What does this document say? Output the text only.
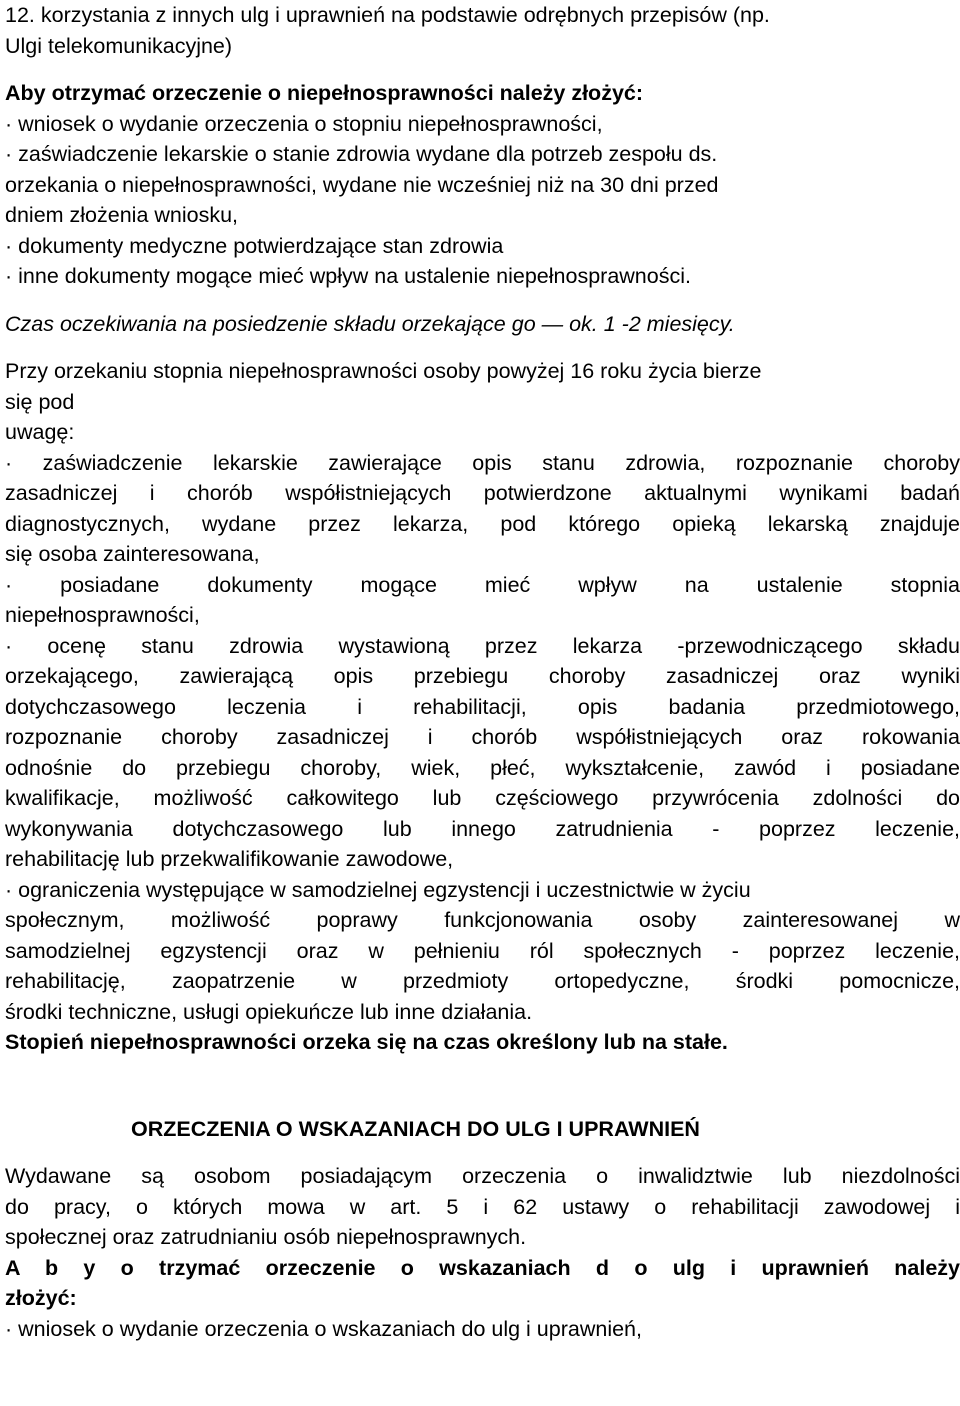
12. korzystania z innych ulg i uprawnień na podstawie odrębnych przepisów (np.
Ulgi telekomunikacyjne)
Aby otrzymać orzeczenie o niepełnosprawności należy złożyć:
· wniosek o wydanie orzeczenia o stopniu niepełnosprawności,
· zaświadczenie lekarskie o stanie zdrowia wydane dla potrzeb zespołu ds.
orzekania o niepełnosprawności, wydane nie wcześniej niż na 30 dni przed
dniem złożenia wniosku,
· dokumenty medyczne potwierdzające stan zdrowia
· inne dokumenty mogące mieć wpływ na ustalenie niepełnosprawności.
Czas oczekiwania na posiedzenie składu orzekające go — ok. 1 -2 miesięcy.
Przy orzekaniu stopnia niepełnosprawności osoby powyżej 16 roku życia bierze
się pod
uwagę:
· zaświadczenie lekarskie zawierające opis stanu zdrowia, rozpoznanie choroby
zasadniczej i chorób współistniejących potwierdzone aktualnymi wynikami badań
diagnostycznych, wydane przez lekarza, pod którego opieką lekarską znajduje
się osoba zainteresowana,
· posiadane dokumenty mogące mieć wpływ na ustalenie stopnia
niepełnosprawności,
· ocenę stanu zdrowia wystawioną przez lekarza -przewodniczącego składu
orzekającego, zawierającą opis przebiegu choroby zasadniczej oraz wyniki
dotychczasowego leczenia i rehabilitacji, opis badania przedmiotowego,
rozpoznanie choroby zasadniczej i chorób współistniejących oraz rokowania
odnośnie do przebiegu choroby, wiek, płeć, wykształcenie, zawód i posiadane
kwalifikacje, możliwość całkowitego lub częściowego przywrócenia zdolności do
wykonywania dotychczasowego lub innego zatrudnienia - poprzez leczenie,
rehabilitację lub przekwalifikowanie zawodowe,
· ograniczenia występujące w samodzielnej egzystencji i uczestnictwie w życiu
społecznym, możliwość poprawy funkcjonowania osoby zainteresowanej w
samodzielnej egzystencji oraz w pełnieniu ról społecznych - poprzez leczenie,
rehabilitację, zaopatrzenie w przedmioty ortopedyczne, środki pomocnicze,
środki techniczne, usługi opiekuńcze lub inne działania.
Stopień niepełnosprawności orzeka się na czas określony lub na stałe.
ORZECZENIA O WSKAZANIACH DO ULG I UPRAWNIEŃ
Wydawane są osobom posiadającym orzeczenia o inwalidztwie lub niezdolności
do pracy, o których mowa w art. 5 i 62 ustawy o rehabilitacji zawodowej i
społecznej oraz zatrudnianiu osób niepełnosprawnych.
A b y o trzymać orzeczenie o wskazaniach d o ulg i uprawnień należy
złożyć:
· wniosek o wydanie orzeczenia o wskazaniach do ulg i uprawnień,
